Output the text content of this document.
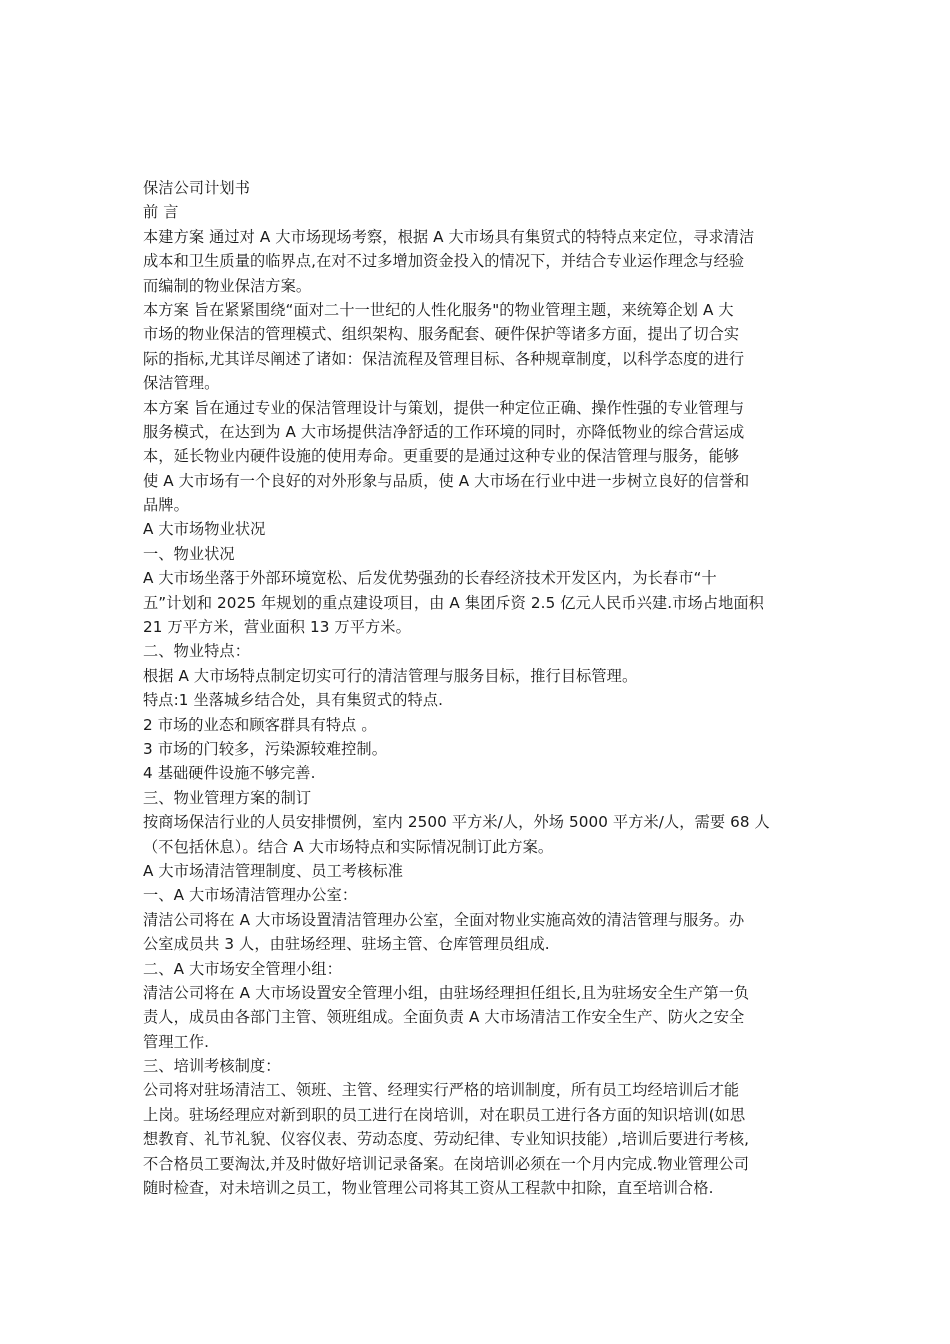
保洁公司计划书
前 言
本建方案 通过对 A 大市场现场考察，根据 A 大市场具有集贸式的特特点来定位，寻求清洁
成本和卫生质量的临界点,在对不过多增加资金投入的情况下，并结合专业运作理念与经验
而编制的物业保洁方案。
本方案 旨在紧紧围绕“面对二十一世纪的人性化服务"的物业管理主题，来统筹企划 A 大
市场的物业保洁的管理模式、组织架构、服务配套、硬件保护等诸多方面，提出了切合实
际的指标,尤其详尽阐述了诸如：保洁流程及管理目标、各种规章制度，以科学态度的进行
保洁管理。
本方案 旨在通过专业的保洁管理设计与策划，提供一种定位正确、操作性强的专业管理与
服务模式，在达到为 A 大市场提供洁净舒适的工作环境的同时，亦降低物业的综合营运成
本，延长物业内硬件设施的使用寿命。更重要的是通过这种专业的保洁管理与服务，能够
使 A 大市场有一个良好的对外形象与品质，使 A 大市场在行业中进一步树立良好的信誉和
品牌。
A 大市场物业状况
一、物业状况
A 大市场坐落于外部环境宽松、后发优势强劲的长春经济技术开发区内，为长春市“十
五”计划和 2025 年规划的重点建设项目，由 A 集团斥资 2.5 亿元人民币兴建.市场占地面积
21 万平方米，营业面积 13 万平方米。
二、物业特点：
根据 A 大市场特点制定切实可行的清洁管理与服务目标，推行目标管理。
特点:1 坐落城乡结合处，具有集贸式的特点.
2 市场的业态和顾客群具有特点 。
3 市场的门较多，污染源较难控制。
4 基础硬件设施不够完善.
三、物业管理方案的制订
按商场保洁行业的人员安排惯例，室内 2500 平方米/人，外场 5000 平方米/人，需要 68 人
（不包括休息）。结合 A 大市场特点和实际情况制订此方案。
A 大市场清洁管理制度、员工考核标准
一、A 大市场清洁管理办公室：
清洁公司将在 A 大市场设置清洁管理办公室，全面对物业实施高效的清洁管理与服务。办
公室成员共 3 人，由驻场经理、驻场主管、仓库管理员组成.
二、A 大市场安全管理小组：
清洁公司将在 A 大市场设置安全管理小组，由驻场经理担任组长,且为驻场安全生产第一负
责人，成员由各部门主管、领班组成。全面负责 A 大市场清洁工作安全生产、防火之安全
管理工作.
三、培训考核制度：
公司将对驻场清洁工、领班、主管、经理实行严格的培训制度，所有员工均经培训后才能
上岗。驻场经理应对新到职的员工进行在岗培训，对在职员工进行各方面的知识培训(如思
想教育、礼节礼貌、仪容仪表、劳动态度、劳动纪律、专业知识技能）,培训后要进行考核,
不合格员工要淘汰,并及时做好培训记录备案。在岗培训必须在一个月内完成.物业管理公司
随时检查，对未培训之员工，物业管理公司将其工资从工程款中扣除，直至培训合格.
